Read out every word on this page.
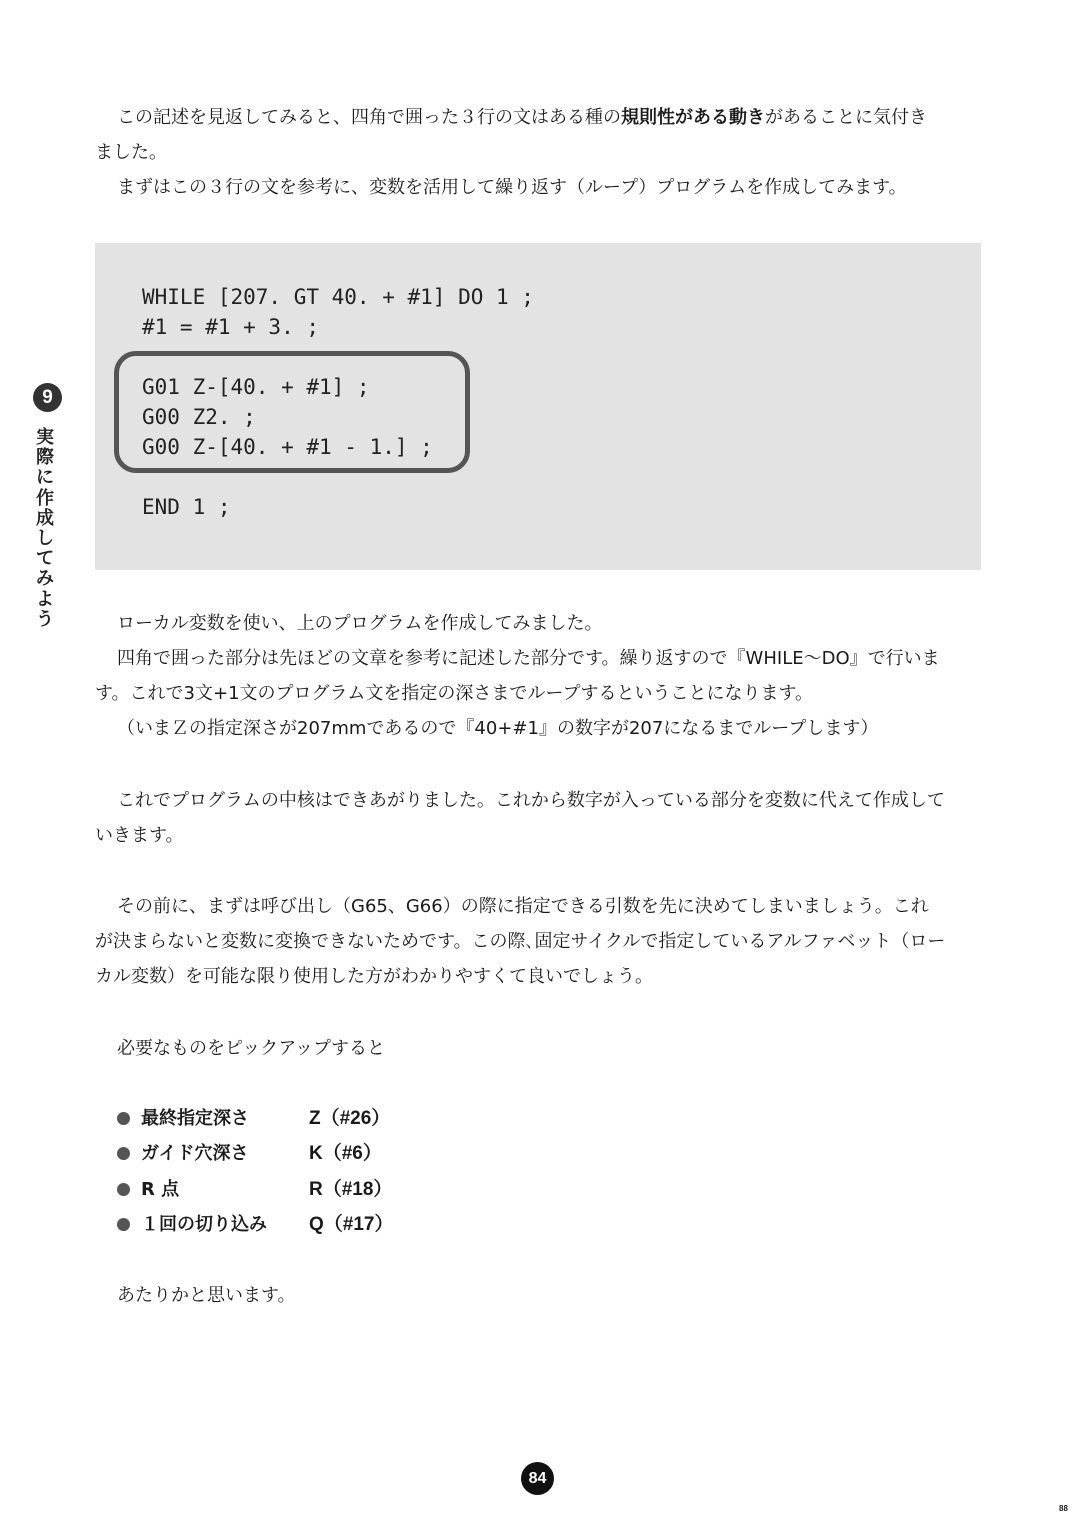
9
実際に作成してみよう
この記述を見返してみると、四角で囲った３行の文はある種の規則性がある動きがあることに気付き
ました。
まずはこの３行の文を参考に、変数を活用して繰り返す（ループ）プログラムを作成してみます。
WHILE [207. GT 40. + #1] DO 1 ;
#1 = #1 + 3. ;
G01 Z-[40. + #1] ;
G00 Z2. ;
G00 Z-[40. + #1 - 1.] ;
END 1 ;
ローカル変数を使い、上のプログラムを作成してみました。
四角で囲った部分は先ほどの文章を参考に記述した部分です。繰り返すので『WHILE〜DO』で行いま
す。これで3文+1文のプログラム文を指定の深さまでループするということになります。
（いまＺの指定深さが207mmであるので『40+#1』の数字が207になるまでループします）
これでプログラムの中核はできあがりました。これから数字が入っている部分を変数に代えて作成して
いきます。
その前に、まずは呼び出し（G65、G66）の際に指定できる引数を先に決めてしまいましょう。これ
が決まらないと変数に変換できないためです。この際､固定サイクルで指定しているアルファベット（ロー
カル変数）を可能な限り使用した方がわかりやすくて良いでしょう。
必要なものをピックアップすると
最終指定深さ	Z（#26）
ガイド穴深さ	K（#6）
R 点	R（#18）
１回の切り込み Q（#17）
あたりかと思います。
84
88
